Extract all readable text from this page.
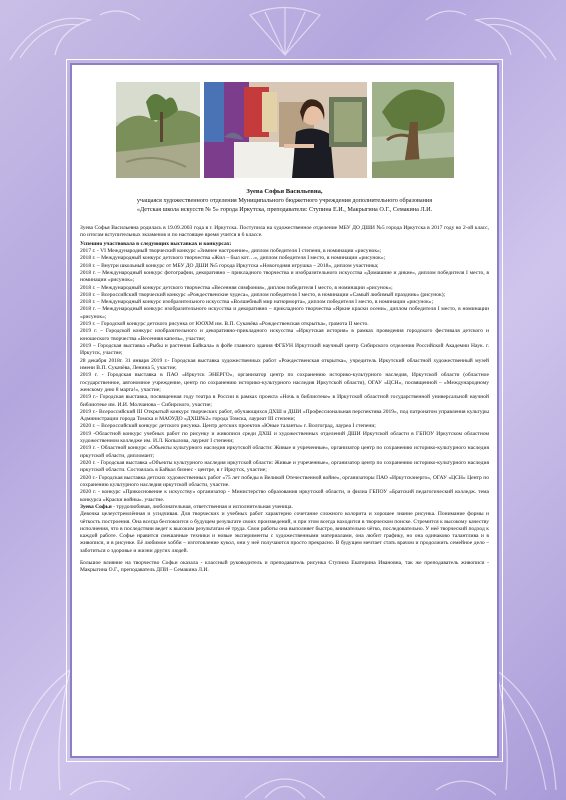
Зуева Софья Васильевна,
учащаяся художественного отделения Муниципального бюджетного учреждения дополнительного образования
«Детская школа искусств № 5» города Иркутска, преподаватели: Ступина Е.И., Макрыгина О.Г., Семакина Л.И.

Зуева Софья Васильевна родилась в 19.09.2003 года в г. Иркутска. Поступила на художественное отделение МБУ ДО ДШИ №5 города Иркутска в 2017 году во 2-ой класс, по итогам вступительных экзаменов и по настоящее время учится в 6 классе.

Успешно участвовала в следующих выставках и конкурсах:

2017 г. - VI Международный творческий конкурс «Зимнее настроение», диплом победителя I степени, в номинации «рисунок»;

2018 г. – Международный конкурс детского творчества «Жил – был кот…», диплом победителя I место, в номинации «рисунок»;

2018 г. – Внутри школьный конкурс от МБУ ДО ДШИ №5 города Иркутска «Новогодняя игрушка – 2018», диплом участника;

2018 г. – Международный конкурс фотографии, декоративно – прикладного творчества и изобразительного искусства «Домашние и дикие», диплом победителя I место, в номинации «рисунок»;

2018 г. – Международный конкурс детского творчества «Весенняя симфония», диплом победителя I место, в номинации «рисунок»;

2018 г. – Всероссийский творческий конкурс «Рождественские чудеса», диплом победителя I место, в номинации «Самый любимый праздник» (рисунок);

2018 г. – Международный конкурс изобразительного искусства «Волшебный мир натюрморта», диплом победителя I место, в номинации «рисунок»;

2018 г. – Международный конкурс изобразительного искусства и декоративно – прикладного творчества «Яркие краски осени», диплом победителя I место, в номинации «рисунок»;

2019 г. – Городской конкурс детского рисунка от ЮОХМ им. В.П. Сукачёва «Рождественская открытка», грамота II место.

2019 г. – Городской конкурс изобразительного и декоративно-прикладного искусства «Иркутская история» в рамках проведения городского фестиваля детского и юношеского творчества «Весенняя капель», участие;

2019 – Городская выставка «Рыбы и растения Байкала» в фойе главного здания ФГБУН Иркутский научный центр Сибирского отделения Российской Академии Наук. г. Иркутск, участие;

28 декабря 2018г. 31 января 2019 г.- Городская выставка художественных работ «Рождественская открытка», учредитель Иркутский областной художественный музей имени В.П. Сукачёва, Ленина 5, участие;

2019 г. - Городская выставка в ПАО «Иркутск ЭНЕРГО», организатор центр по сохранению историко-культурного наследия, Иркутской области (областное государственное, автономное учреждение, центр по сохранению историко-культурного наследия Иркутской области), ОГАУ «ЦСН», посвященной – «Международному женскому дню 8 марта!», участие;

2019 г.- Городская выставка, посвященная году театра в России в рамках проекта «Ночь в библиотеке» в Иркутской областной государственной универсальной научной библиотеке им. И.И. Молчанова – Сибирского, участие;

2019 г.- Всероссийский III Открытый конкурс творческих работ, обучающихся ДХШ и ДШИ «Профессиональная перспектива 2019», под патронатом управления культуры Администрации города Томска и МАОУДО «ДХШ№2» города Томска, лауреат III степени;

2020 г. – Всероссийский конкурс детского рисунка. Центр детских проектов «Юные таланты» г. Волгоград, лауреа I степени;

2019 -Областной конкурс учебных работ по рисунку и живописи среди ДХШ и художественных отделений ДШИ Иркутской области в ГБПОУ Иркутском областном художественном колледже им. И.Л. Копылова, лауреат I степени;

2019 г. - Областной конкурс «Объекты культурного наследия иркутской области: Живые и учреченные», организатор центр по сохранению историко-культурного наследия иркутской области, дипломант;

2020 г. - Городская выставка «Объекты культурного наследия иркутской области: Живые и учреченные», организатор центр по сохранению историко-культурного наследия иркутской области. Состоялась в Байкал бизнес - центре, в г Иркутск, участие;

2020 г.- Городская выставка детских художественных работ «75 лет победы в Великой Отечественной войне», организаторы ПАО «Иркутскэнерго», ОГАУ «ЦСН» Центр по сохранению культурного наследия иркутской области, участие.

2020 г. - конкурс «Прикосновение к искусству» организатор - Министерство образования иркутской области, и филиа ГБПОУ «Братский педагогический колледж. тема конкурса «Краски войны». участие.

Зуева Софья - трудолюбивая, любознательная, ответственная и исполнительная ученица.

Девочка целеустремлённая и усидчивая. Для творческих и учебных работ характерно сочетание сложного колорита и хорошее знание рисунка. Понимание формы и чёткость построения. Она всегда беспокоится о будущем результате своих произведений, и при этом всегда находится в творческом поиске. Стремится к высокому качеству исполнения, что в последствии ведет к высоким результатам её труда. Свои работы она выполняет быстро, внимательно чётко, последовательно. У неё творческий подход к каждой работе. Софье нравится смешанные техники и новые эксперименты с художественными материалами, она любит графику, но она одинаково талантлива и в живописи, и в рисунке. Её любимое хобби – изготовление кукол, они у неё получаются просто прекрасно. В будущем мечтает стать врачом и продолжить семейное дело – заботиться о здоровье и жизни других людей.

Большое влияние на творчество Софьи оказала - классный руководитель и преподаватель рисунка Ступина Екатерина Ивановна, так же преподаватель живописи - Макрыгина О.Г., преподаватель ДПИ – Семакина Л.И.
